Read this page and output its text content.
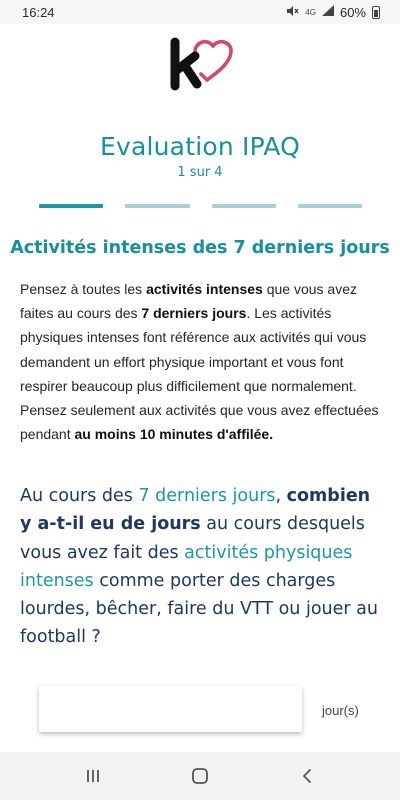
16:24	4G 60%
Evaluation IPAQ
1 sur 4
Activités intenses des 7 derniers jours

Pensez à toutes les activités intenses que vous avez faites au cours des 7 derniers jours. Les activités physiques intenses font référence aux activités qui vous demandent un effort physique important et vous font respirer beaucoup plus difficilement que normalement. Pensez seulement aux activités que vous avez effectuées pendant au moins 10 minutes d'affilée.

Au cours des 7 derniers jours, combien y a-t-il eu de jours au cours desquels vous avez fait des activités physiques intenses comme porter des charges lourdes, bêcher, faire du VTT ou jouer au football ?

jour(s)
